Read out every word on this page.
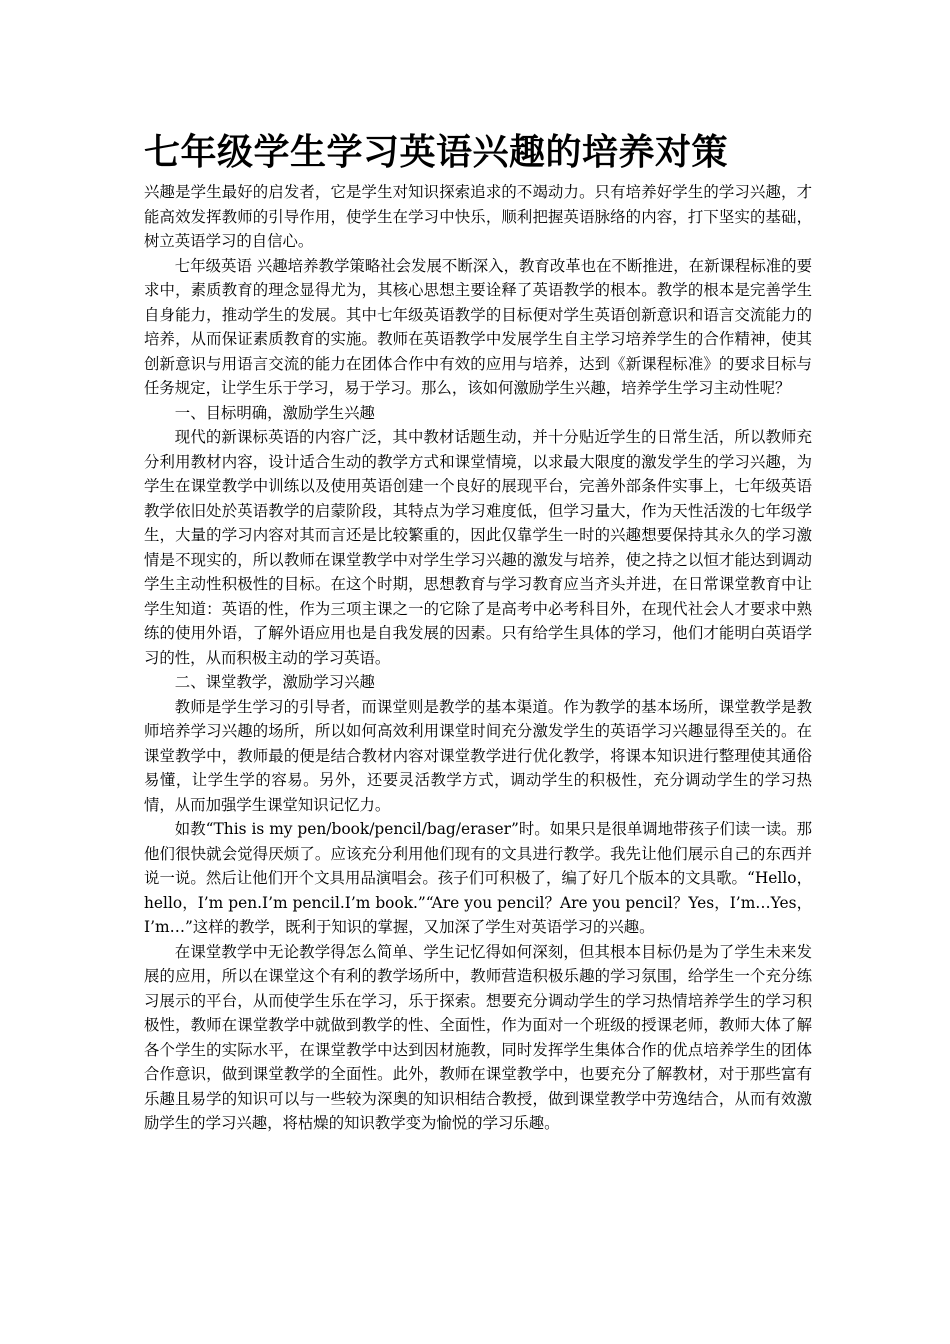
七年级学生学习英语兴趣的培养对策

兴趣是学生最好的启发者，它是学生对知识探索追求的不竭动力。只有培养好学生的学习兴趣，才能高效发挥教师的引导作用，使学生在学习中快乐，顺利把握英语脉络的内容，打下坚实的基础，树立英语学习的自信心。

七年级英语 兴趣培养教学策略社会发展不断深入，教育改革也在不断推进，在新课程标准的要求中，素质教育的理念显得尤为，其核心思想主要诠释了英语教学的根本。教学的根本是完善学生自身能力，推动学生的发展。其中七年级英语教学的目标便对学生英语创新意识和语言交流能力的培养，从而保证素质教育的实施。教师在英语教学中发展学生自主学习培养学生的合作精神，使其创新意识与用语言交流的能力在团体合作中有效的应用与培养，达到《新课程标准》的要求目标与任务规定，让学生乐于学习，易于学习。那么，该如何激励学生兴趣，培养学生学习主动性呢？

一、目标明确，激励学生兴趣

现代的新课标英语的内容广泛，其中教材话题生动，并十分贴近学生的日常生活，所以教师充分利用教材内容，设计适合生动的教学方式和课堂情境，以求最大限度的激发学生的学习兴趣，为学生在课堂教学中训练以及使用英语创建一个良好的展现平台，完善外部条件实事上，七年级英语教学依旧处於英语教学的启蒙阶段，其特点为学习难度低，但学习量大，作为天性活泼的七年级学生，大量的学习内容对其而言还是比较繁重的，因此仅靠学生一时的兴趣想要保持其永久的学习激情是不现实的，所以教师在课堂教学中对学生学习兴趣的激发与培养，使之持之以恒才能达到调动学生主动性积极性的目标。在这个时期，思想教育与学习教育应当齐头并进，在日常课堂教育中让学生知道：英语的性，作为三项主课之一的它除了是高考中必考科目外，在现代社会人才要求中熟练的使用外语，了解外语应用也是自我发展的因素。只有给学生具体的学习，他们才能明白英语学习的性，从而积极主动的学习英语。

二、课堂教学，激励学习兴趣

教师是学生学习的引导者，而课堂则是教学的基本渠道。作为教学的基本场所，课堂教学是教师培养学习兴趣的场所，所以如何高效利用课堂时间充分激发学生的英语学习兴趣显得至关的。在课堂教学中，教师最的便是结合教材内容对课堂教学进行优化教学，将课本知识进行整理使其通俗易懂，让学生学的容易。另外，还要灵活教学方式，调动学生的积极性，充分调动学生的学习热情，从而加强学生课堂知识记忆力。

如教“This is my pen/book/pencil/bag/eraser”时。如果只是很单调地带孩子们读一读。那他们很快就会觉得厌烦了。应该充分利用他们现有的文具进行教学。我先让他们展示自己的东西并说一说。然后让他们开个文具用品演唱会。孩子们可积极了，编了好几个版本的文具歌。“Hello，hello，I’m pen.I’m pencil.I’m book.”“Are you pencil？Are you pencil？Yes，I’m…Yes，I’m…”这样的教学，既利于知识的掌握，又加深了学生对英语学习的兴趣。

在课堂教学中无论教学得怎么简单、学生记忆得如何深刻，但其根本目标仍是为了学生未来发展的应用，所以在课堂这个有利的教学场所中，教师营造积极乐趣的学习氛围，给学生一个充分练习展示的平台，从而使学生乐在学习，乐于探索。想要充分调动学生的学习热情培养学生的学习积极性，教师在课堂教学中就做到教学的性、全面性，作为面对一个班级的授课老师，教师大体了解各个学生的实际水平，在课堂教学中达到因材施教，同时发挥学生集体合作的优点培养学生的团体合作意识，做到课堂教学的全面性。此外，教师在课堂教学中，也要充分了解教材，对于那些富有乐趣且易学的知识可以与一些较为深奥的知识相结合教授，做到课堂教学中劳逸结合，从而有效激励学生的学习兴趣，将枯燥的知识教学变为愉悦的学习乐趣。
